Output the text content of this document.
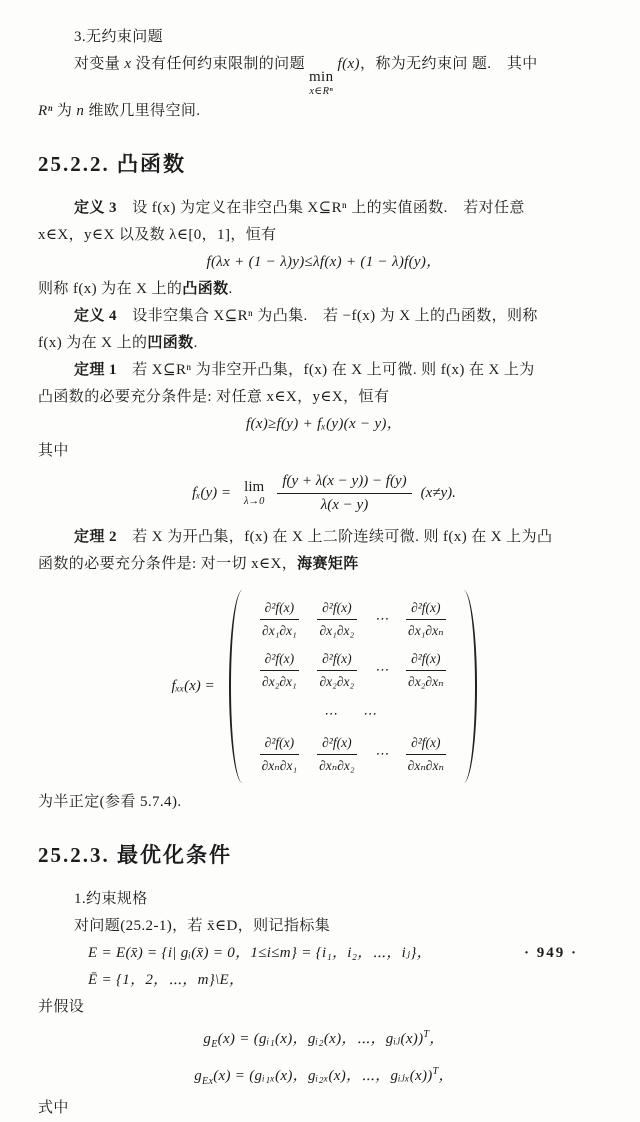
3.无约束问题
对变量 x 没有任何约束限制的问题
min
x∈Rⁿ
f(x)，称为无约束问 题.　其中
Rⁿ 为 n 维欧几里得空间.
25.2.2. 凸函数
定义 3　设 f(x) 为定义在非空凸集 X⊆Rⁿ 上的实值函数.　若对任意
x∈X，y∈X 以及数 λ∈[0，1]，恒有
f(λx + (1 − λ)y)≤λf(x) + (1 − λ)f(y)，
则称 f(x) 为在 X 上的凸函数.
定义 4　设非空集合 X⊆Rⁿ 为凸集.　若 −f(x) 为 X 上的凸函数，则称
f(x) 为在 X 上的凹函数.
定理 1　若 X⊆Rⁿ 为非空开凸集，f(x) 在 X 上可微. 则 f(x) 在 X 上为
凸函数的必要充分条件是: 对任意 x∈X，y∈X，恒有
f(x)≥f(y) + fₓ(y)(x − y)，
其中
fₓ(y) = lim
$\lambda\to 0 \frac{f(y + \lambda(x - y)) - f(y)}{\lambda(x - y)} (x\ne y)$.
定理 2　若 X 为开凸集，f(x) 在 X 上二阶连续可微. 则 f(x) 在 X 上为凸
函数的必要充分条件是: 对一切 x∈X，海赛矩阵
fₓₓ(x) =
$\frac{\text{∂²f(x)}}{\text{∂x₁∂x₁}} \frac{\text{∂²f(x)}}{\text{∂x₁∂x₂}}$ ⋯ $\frac{\text{∂²f(x)}}{\text{∂x₁∂xₙ}}$
$\frac{\text{∂²f(x)}}{\text{∂x₂∂x₁}} \frac{\text{∂²f(x)}}{\text{∂x₂∂x₂}}$ ⋯ $\frac{\text{∂²f(x)}}{\text{∂x₂∂xₙ}}$
⋯　⋯
$\frac{\text{∂²f(x)}}{\text{∂xₙ∂x₁}} \frac{\text{∂²f(x)}}{\text{∂xₙ∂x₂}}$ ⋯ $\frac{\text{∂²f(x)}}{\text{∂xₙ∂xₙ}}$
为半正定(参看 5.7.4).
25.2.3. 最优化条件
1.约束规格
对问题(25.2-1)，若 x̄∈D，则记指标集
E = E(x̄) = {i| gᵢ(x̄) = 0，1≤i≤m} = {i₁，i₂，⋯，iⱼ}，
Ē = {1，2，⋯，m}\E，
并假设
$g_E(x)$ = (gᵢ₁(x)，gᵢ₂(x)，⋯，gᵢⱼ(x))$^T$，
$g_{Ex}(x)$ = (gᵢ₁ₓ(x)，gᵢ₂ₓ(x)，⋯，gᵢⱼₓ(x))$^T$，
式中
· 949 ·
